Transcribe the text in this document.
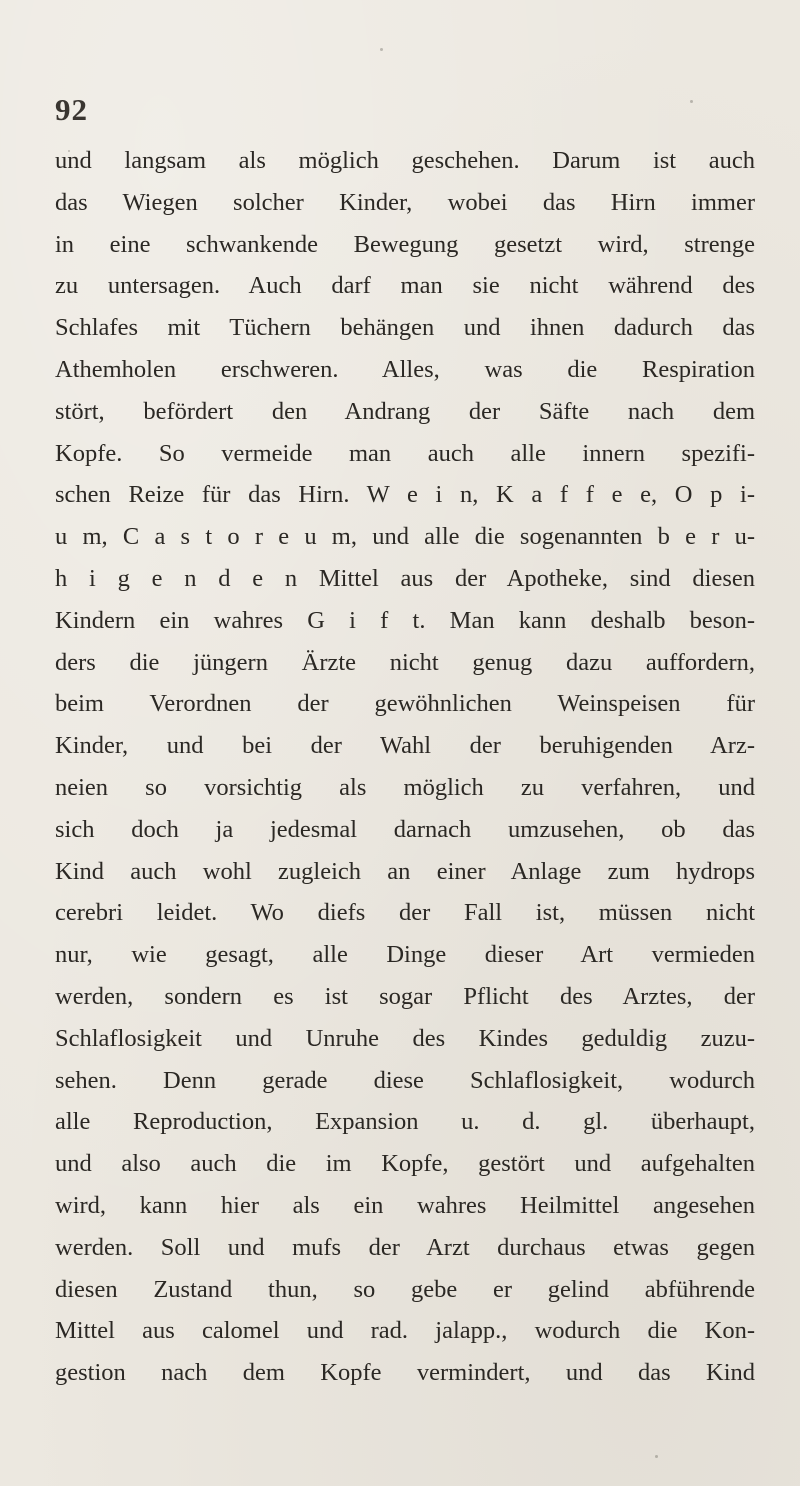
92
und langsam als möglich geschehen. Darum ist auch
das Wiegen solcher Kinder, wobei das Hirn immer
in eine schwankende Bewegung gesetzt wird, strenge
zu untersagen. Auch darf man sie nicht während des
Schlafes mit Tüchern behängen und ihnen dadurch das
Athemholen erschweren. Alles, was die Respiration
stört, befördert den Andrang der Säfte nach dem
Kopfe. So vermeide man auch alle innern spezifi-
schen Reize für das Hirn. W e i n, K a f f e e, O p i-
u m, C a s t o r e u m, und alle die sogenannten b e r u-
h i g e n d e n Mittel aus der Apotheke, sind diesen
Kindern ein wahres G i f t. Man kann deshalb beson-
ders die jüngern Ärzte nicht genug dazu auffordern,
beim Verordnen der gewöhnlichen Weinspeisen für
Kinder, und bei der Wahl der beruhigenden Arz-
neien so vorsichtig als möglich zu verfahren, und
sich doch ja jedesmal darnach umzusehen, ob das
Kind auch wohl zugleich an einer Anlage zum hydrops
cerebri leidet. Wo diefs der Fall ist, müssen nicht
nur, wie gesagt, alle Dinge dieser Art vermieden
werden, sondern es ist sogar Pflicht des Arztes, der
Schlaflosigkeit und Unruhe des Kindes geduldig zuzu-
sehen. Denn gerade diese Schlaflosigkeit, wodurch
alle Reproduction, Expansion u. d. gl. überhaupt,
und also auch die im Kopfe, gestört und aufgehalten
wird, kann hier als ein wahres Heilmittel angesehen
werden. Soll und mufs der Arzt durchaus etwas gegen
diesen Zustand thun, so gebe er gelind abführende
Mittel aus calomel und rad. jalapp., wodurch die Kon-
gestion nach dem Kopfe vermindert, und das Kind
